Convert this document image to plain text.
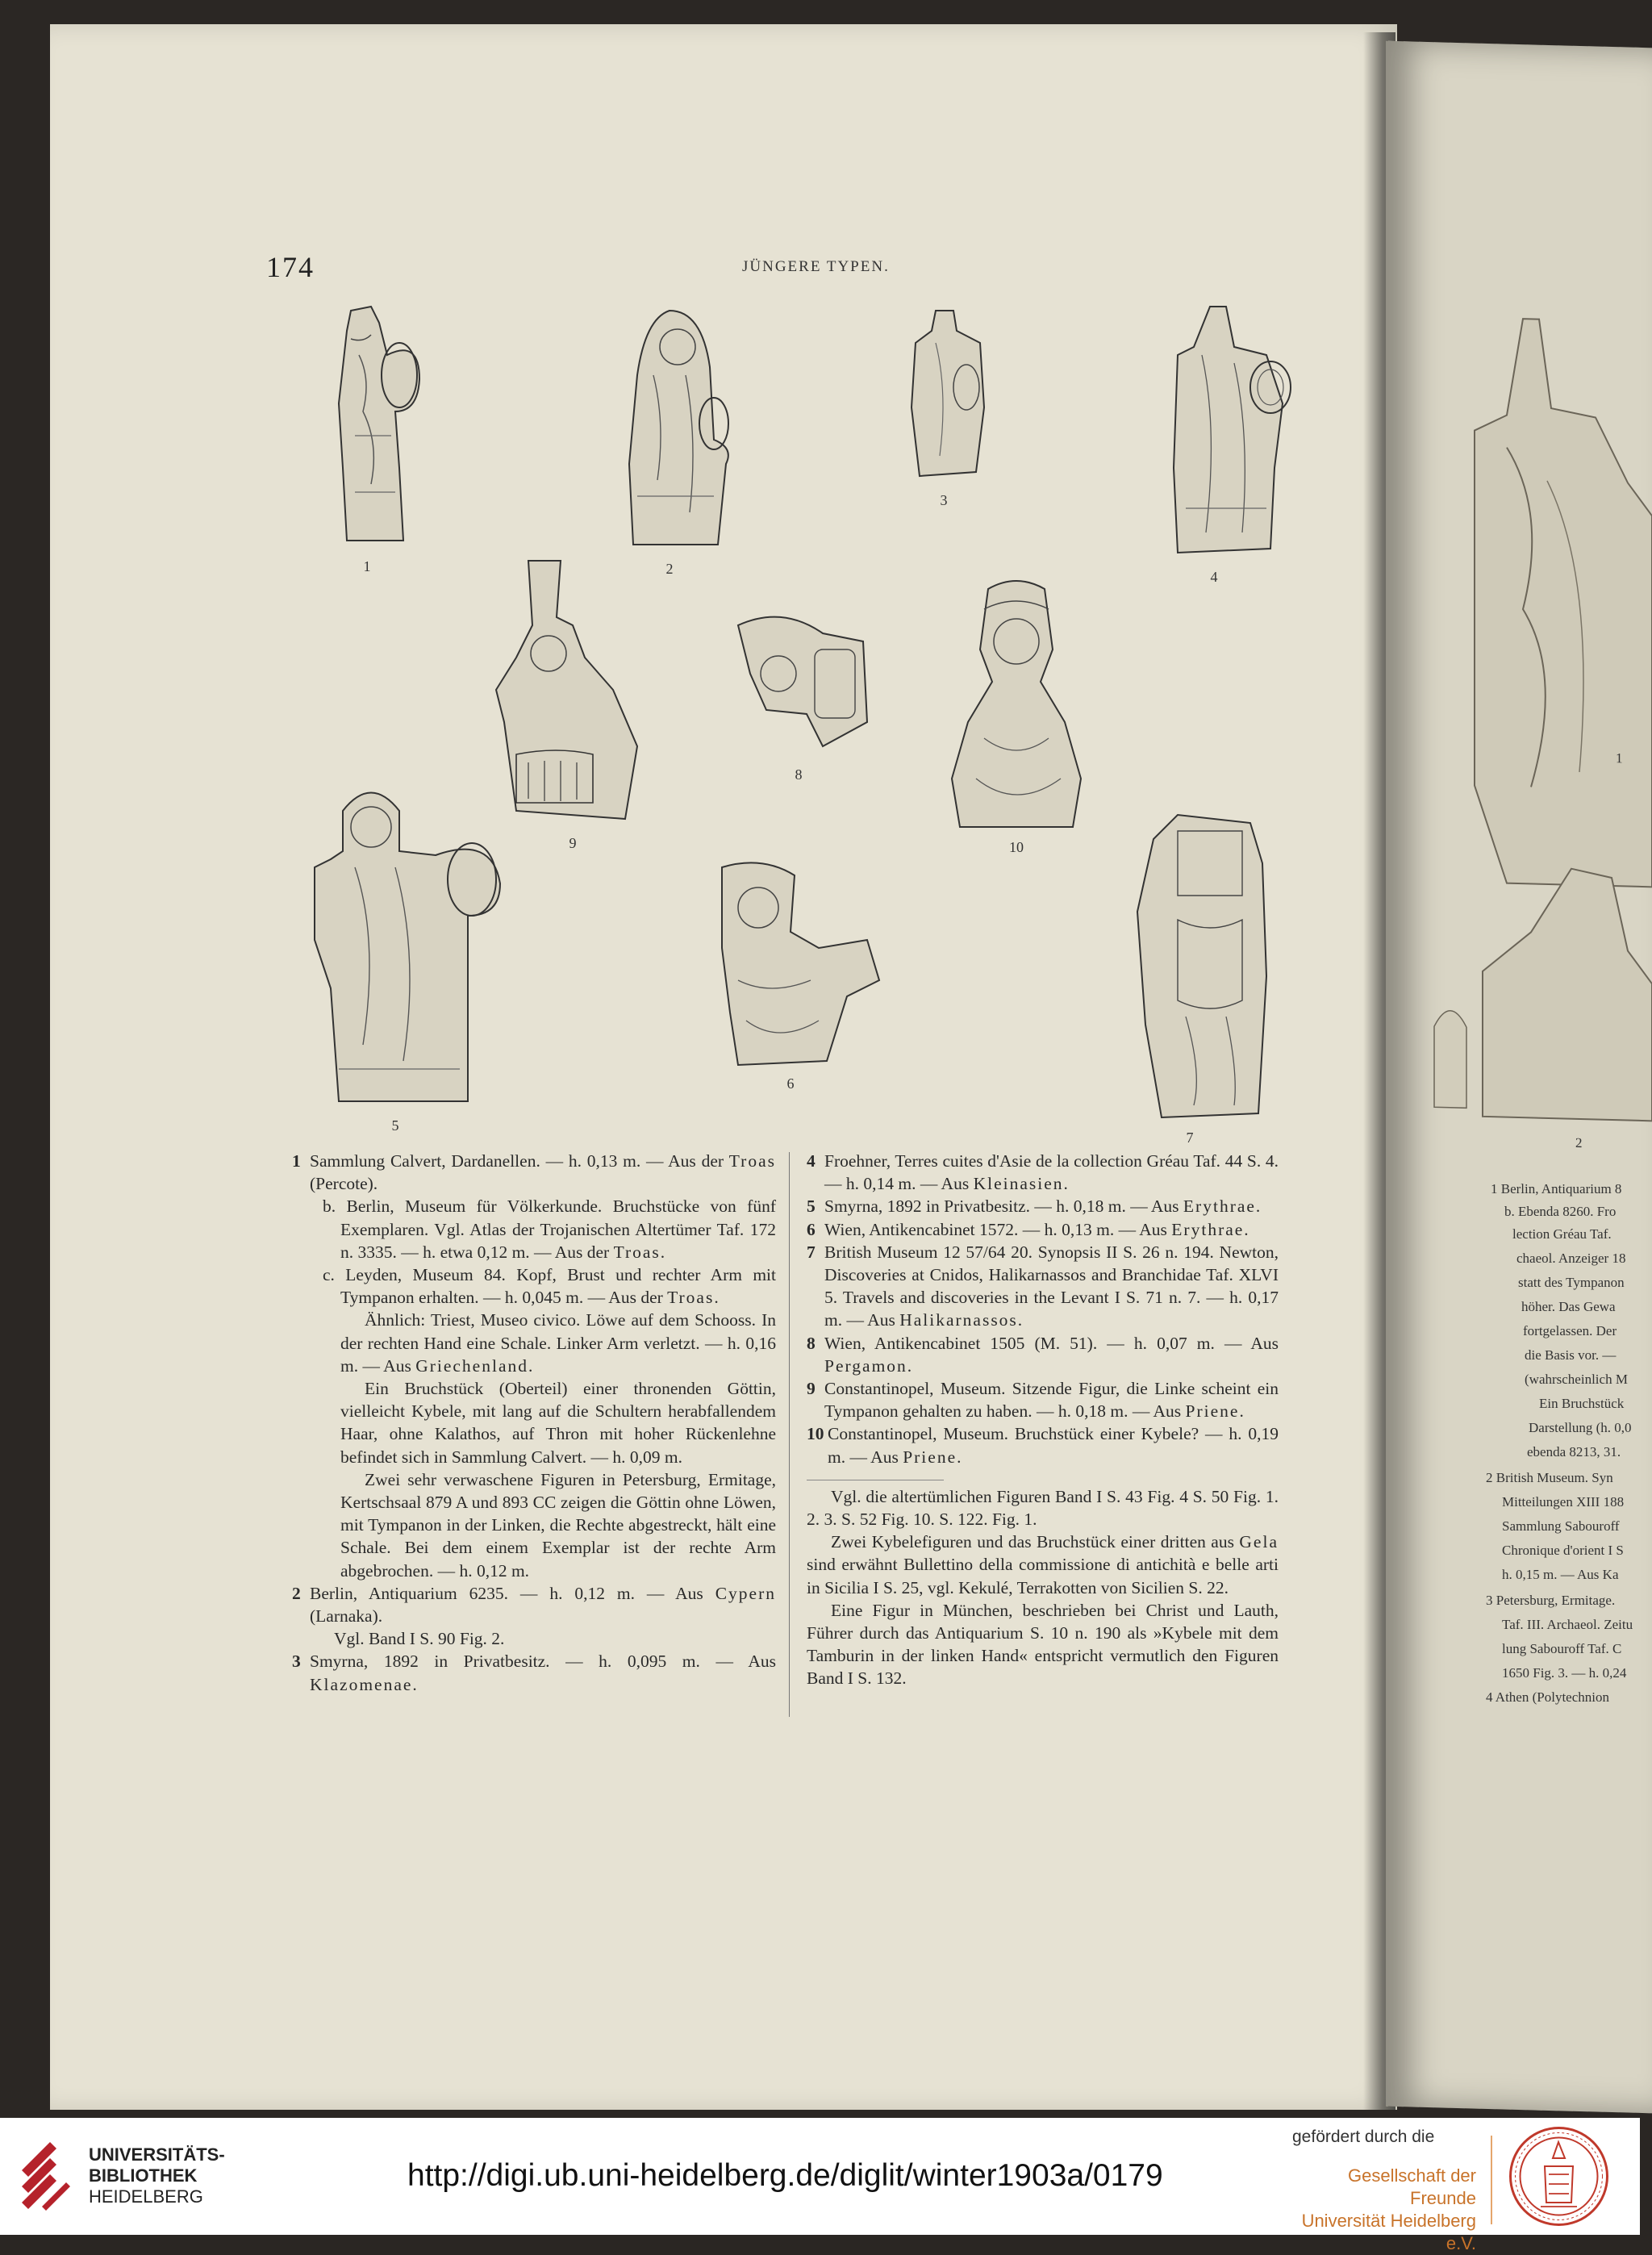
1
2
174	JÜNGERE TYPEN.
1	2
3
4
9
8
10
5
6
7
1 Sammlung Calvert, Dardanellen. — h. 0,13 m. — Aus der Troas (Percote).
b. Berlin, Museum für Völkerkunde. Bruchstücke von fünf Exemplaren. Vgl. Atlas der Trojanischen Altertümer Taf. 172 n. 3335. — h. etwa 0,12 m. — Aus der Troas.
c. Leyden, Museum 84. Kopf, Brust und rechter Arm mit Tympanon erhalten. — h. 0,045 m. — Aus der Troas.
Ähnlich: Triest, Museo civico. Löwe auf dem Schooss. In der rechten Hand eine Schale. Linker Arm verletzt. — h. 0,16 m. — Aus Griechenland.
Ein Bruchstück (Oberteil) einer thronenden Göttin, vielleicht Kybele, mit lang auf die Schultern herabfallendem Haar, ohne Kalathos, auf Thron mit hoher Rückenlehne befindet sich in Sammlung Calvert. — h. 0,09 m.
Zwei sehr verwaschene Figuren in Petersburg, Ermitage, Kertschsaal 879 A und 893 CC zeigen die Göttin ohne Löwen, mit Tympanon in der Linken, die Rechte abgestreckt, hält eine Schale. Bei dem einem Exemplar ist der rechte Arm abgebrochen. — h. 0,12 m.
2 Berlin, Antiquarium 6235. — h. 0,12 m. — Aus Cypern (Larnaka).
Vgl. Band I S. 90 Fig. 2.
3 Smyrna, 1892 in Privatbesitz. — h. 0,095 m. — Aus Klazomenae.
4 Froehner, Terres cuites d'Asie de la collection Gréau Taf. 44 S. 4. — h. 0,14 m. — Aus Kleinasien.
5 Smyrna, 1892 in Privatbesitz. — h. 0,18 m. — Aus Erythrae.
6 Wien, Antikencabinet 1572. — h. 0,13 m. — Aus Erythrae.
7 British Museum 12 57/64 20. Synopsis II S. 26 n. 194. Newton, Discoveries at Cnidos, Halikarnassos and Branchidae Taf. XLVI 5. Travels and discoveries in the Levant I S. 71 n. 7. — h. 0,17 m. — Aus Halikarnassos.
8 Wien, Antikencabinet 1505 (M. 51). — h. 0,07 m. — Aus Pergamon.
9 Constantinopel, Museum. Sitzende Figur, die Linke scheint ein Tympanon gehalten zu haben. — h. 0,18 m. — Aus Priene.
10 Constantinopel, Museum. Bruchstück einer Kybele? — h. 0,19 m. — Aus Priene.
Vgl. die altertümlichen Figuren Band I S. 43 Fig. 4 S. 50 Fig. 1. 2. 3. S. 52 Fig. 10. S. 122. Fig. 1.
Zwei Kybelefiguren und das Bruchstück einer dritten aus Gela sind erwähnt Bullettino della commissione di antichità e belle arti in Sicilia I S. 25, vgl. Kekulé, Terrakotten von Sicilien S. 22.
Eine Figur in München, beschrieben bei Christ und Lauth, Führer durch das Antiquarium S. 10 n. 190 als »Kybele mit dem Tamburin in der linken Hand« entspricht vermutlich den Figuren Band I S. 132.
1 Berlin, Antiquarium 8
b. Ebenda 8260. Fro
lection Gréau Taf.
chaeol. Anzeiger 18
statt des Tympanon
höher. Das Gewa
fortgelassen. Der
die Basis vor. —
(wahrscheinlich M
Ein Bruchstück
Darstellung (h. 0,0
ebenda 8213, 31.
2 British Museum. Syn
Mitteilungen XIII 188
Sammlung Sabouroff
Chronique d'orient I S
h. 0,15 m. — Aus Ka
3 Petersburg, Ermitage.
Taf. III. Archaeol. Zeitu
lung Sabouroff Taf. C
1650 Fig. 3. — h. 0,24
4 Athen (Polytechnion
UNIVERSITÄTS-
BIBLIOTHEK
HEIDELBERG
http://digi.ub.uni-heidelberg.de/diglit/winter1903a/0179
gefördert durch die
Gesellschaft der Freunde
Universität Heidelberg e.V.
